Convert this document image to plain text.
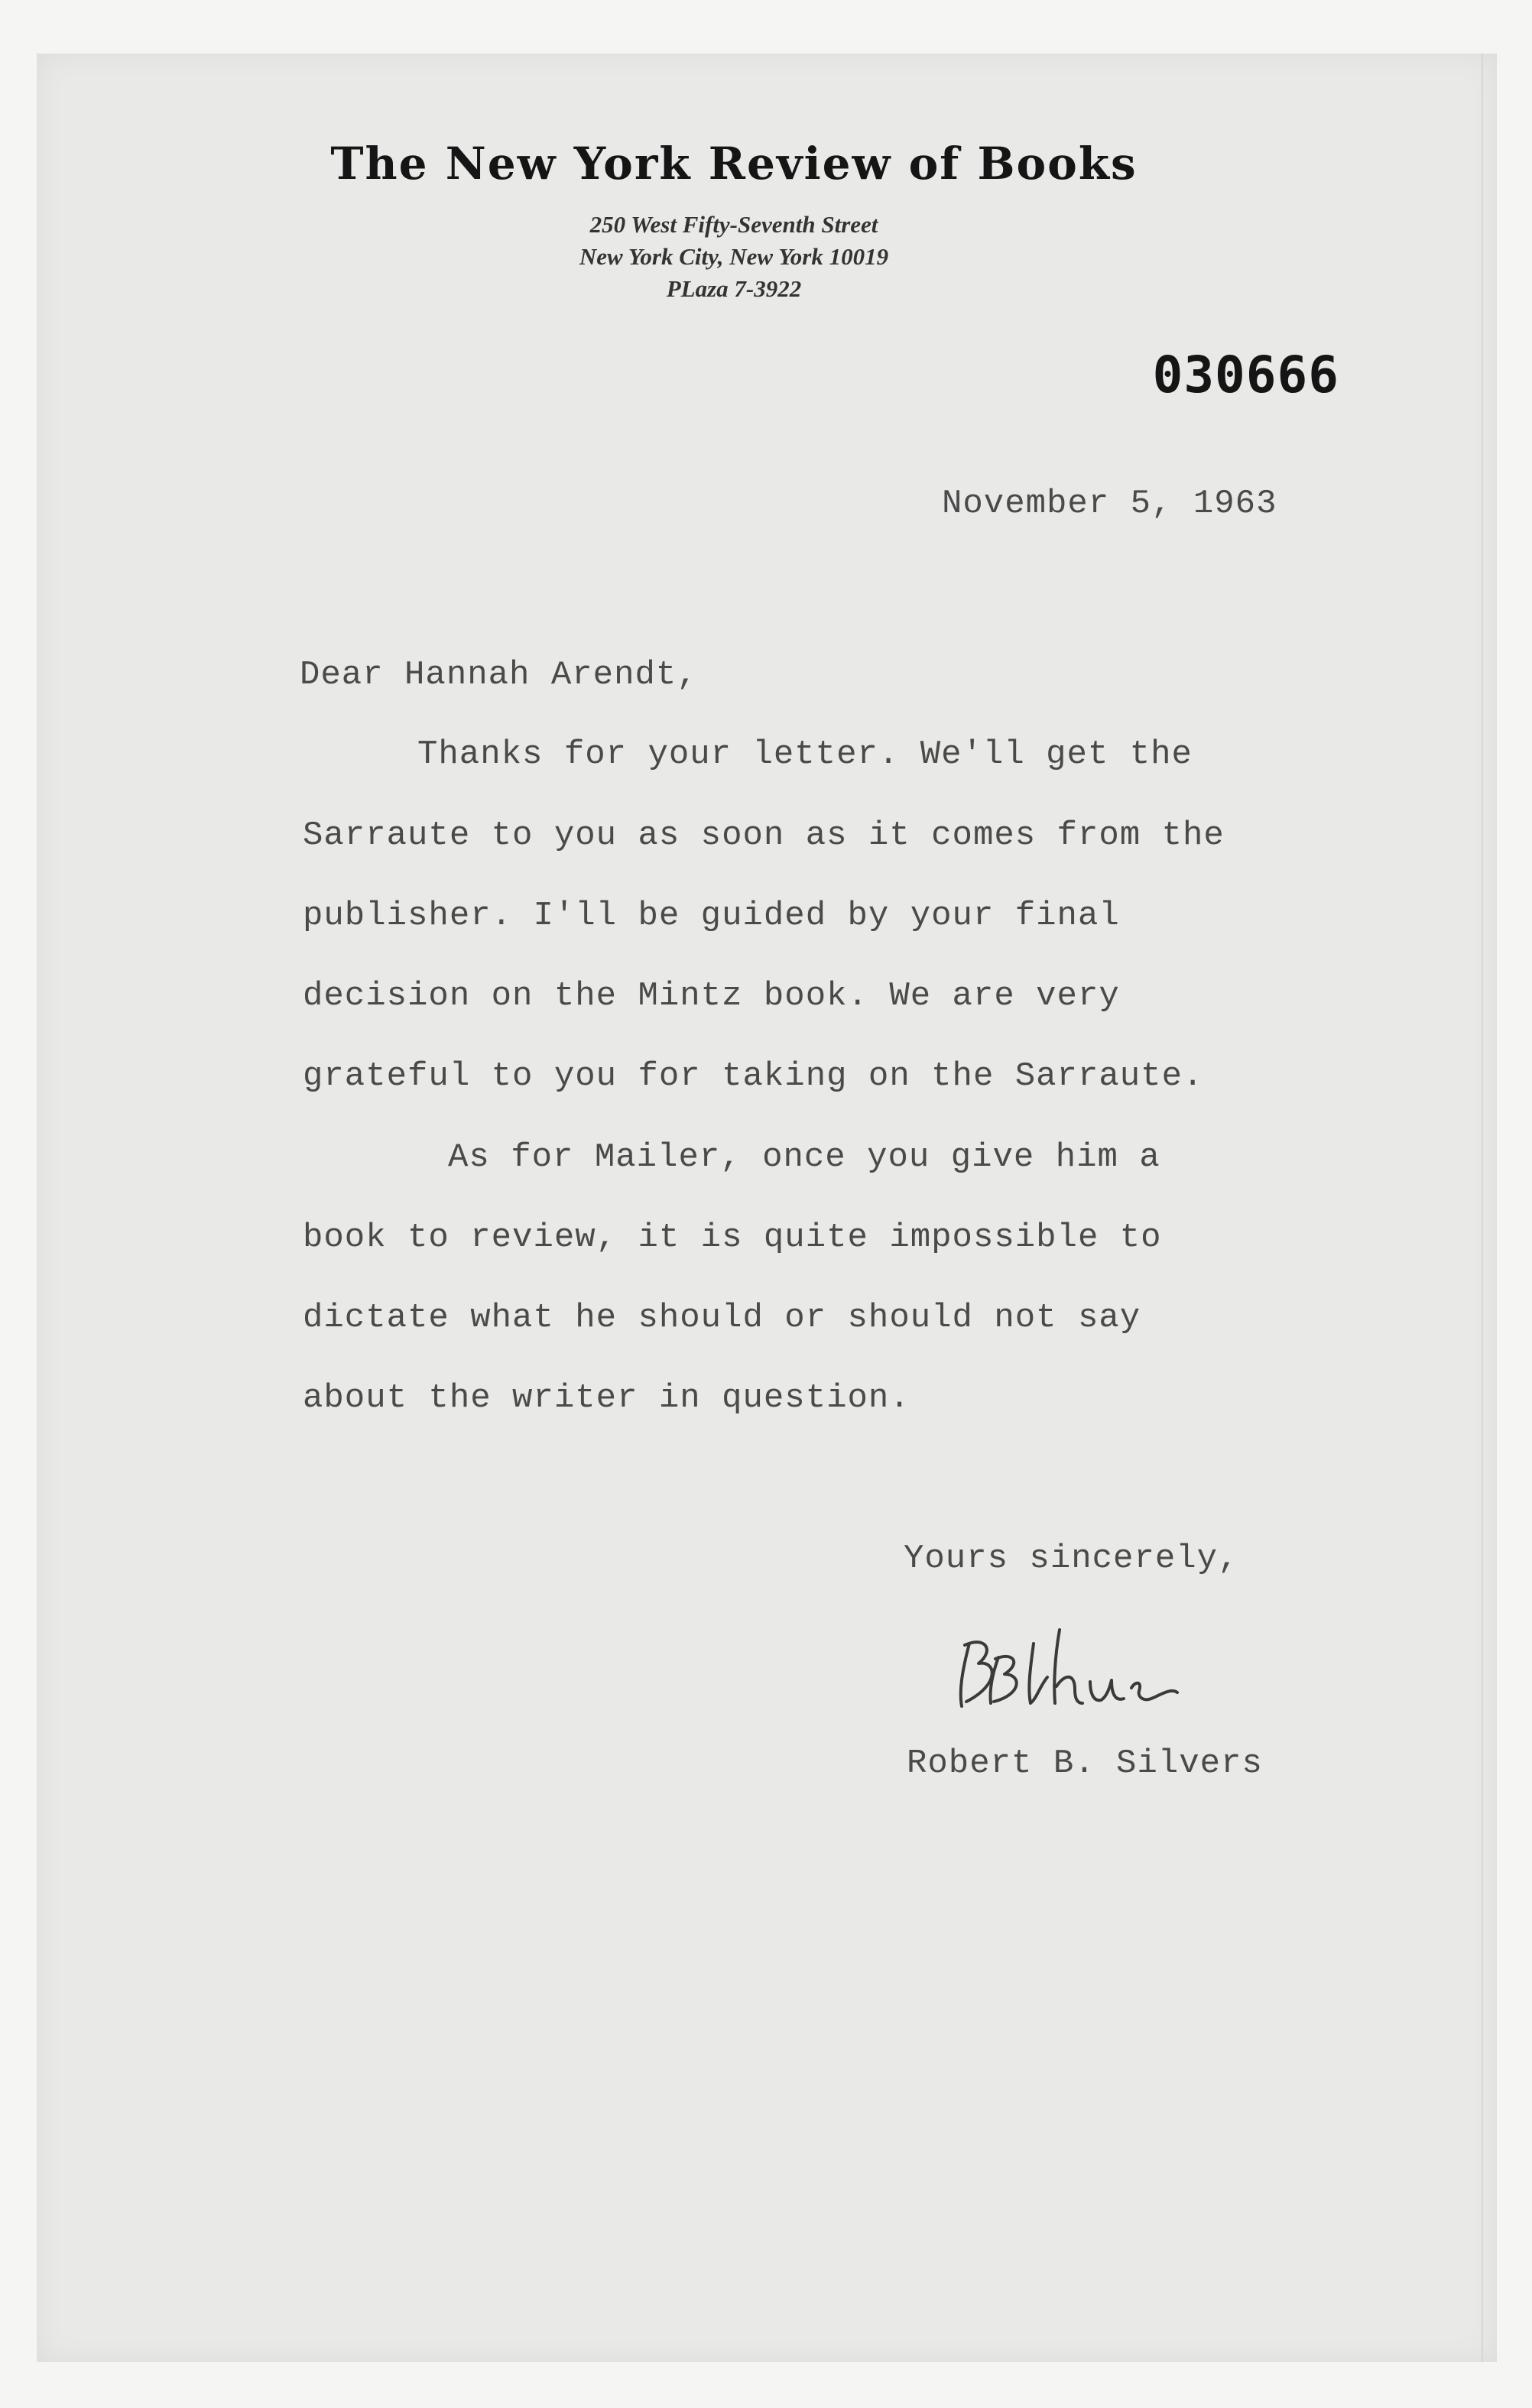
The New York Review of Books
250 West Fifty-Seventh Street
New York City, New York 10019
PLaza 7-3922
030666
November 5, 1963
Dear Hannah Arendt,
Thanks for your letter. We'll get the
Sarraute to you as soon as it comes from the
publisher. I'll be guided by your final
decision on the Mintz book. We are very
grateful to you for taking on the Sarraute.
As for Mailer, once you give him a
book to review, it is quite impossible to
dictate what he should or should not say
about the writer in question.
Yours sincerely,
Robert B. Silvers
